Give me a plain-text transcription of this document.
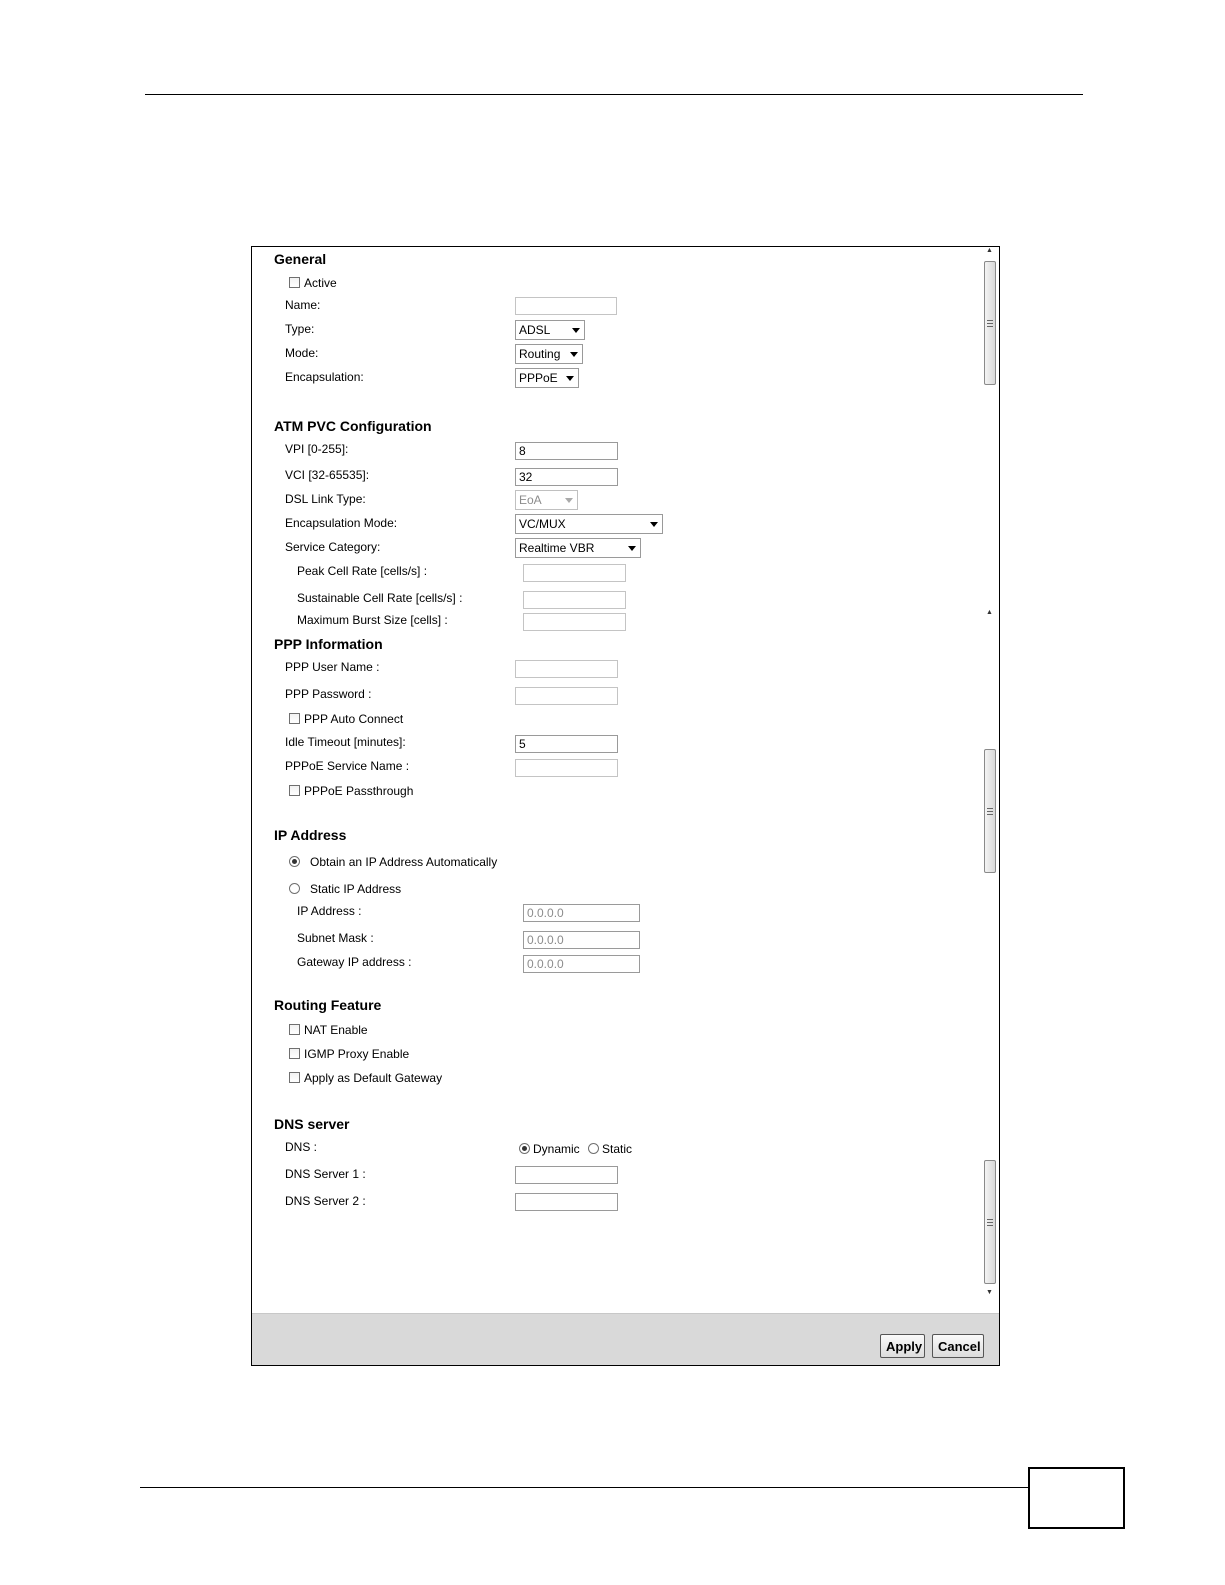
General
Active
Name:
Type:	ADSL
Mode:	Routing
Encapsulation:	PPPoE
ATM PVC Configuration
VPI [0-255]:	8
VCI [32-65535]:	32
DSL Link Type:	EoA
Encapsulation Mode:	VC/MUX
Service Category:	Realtime VBR
Peak Cell Rate [cells/s] :
Sustainable Cell Rate [cells/s] :
Maximum Burst Size [cells] :
PPP Information
PPP User Name :
PPP Password :
PPP Auto Connect
Idle Timeout [minutes]:	5
PPPoE Service Name :
PPPoE Passthrough
IP Address
Obtain an IP Address Automatically
Static IP Address
IP Address :	0.0.0.0
Subnet Mask :	0.0.0.0
Gateway IP address :	0.0.0.0
Routing Feature
NAT Enable
IGMP Proxy Enable
Apply as Default Gateway
DNS server
DNS :	Dynamic Static
DNS Server 1 :
DNS Server 2 :
▲
▲
▼
Apply	Cancel
